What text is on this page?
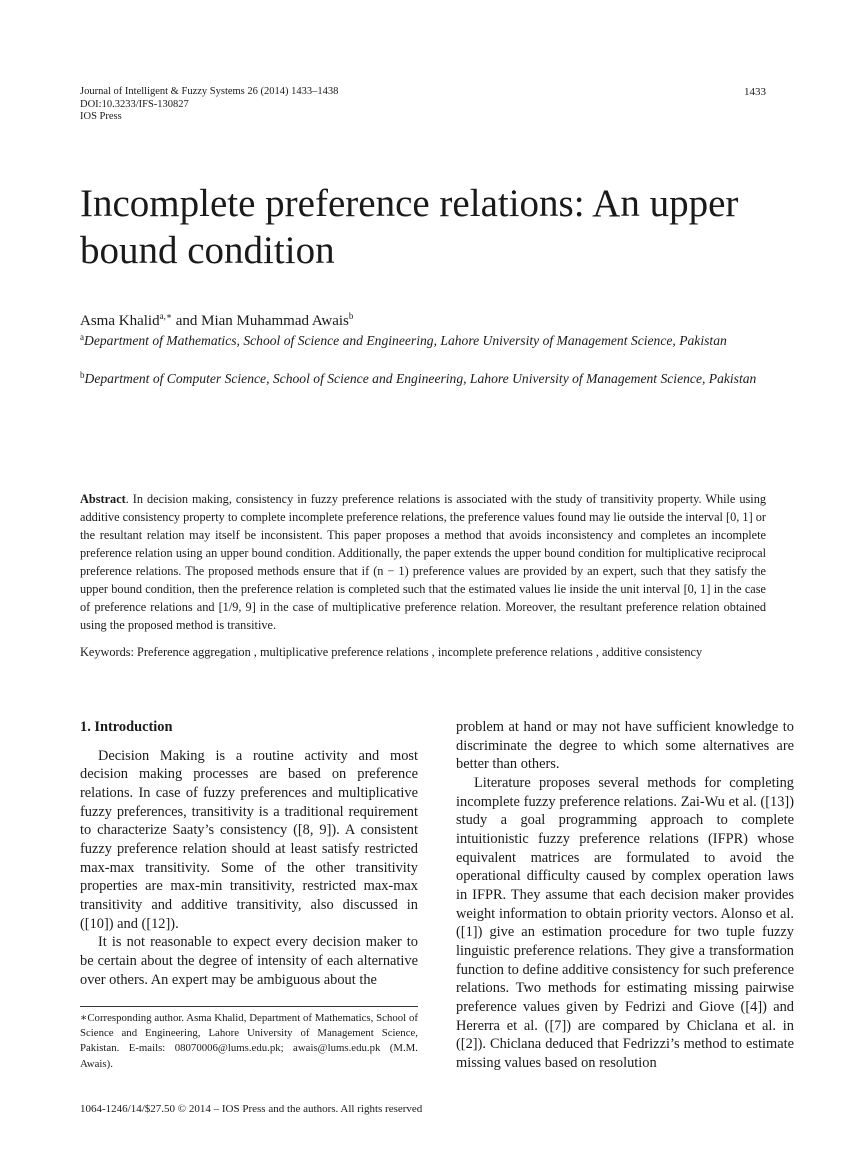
Journal of Intelligent & Fuzzy Systems 26 (2014) 1433–1438
DOI:10.3233/IFS-130827
IOS Press
1433
Incomplete preference relations: An upper bound condition
Asma Khalid$^{a,∗}$ and Mian Muhammad Awais$^b$
$^a$Department of Mathematics, School of Science and Engineering, Lahore University of Management Science, Pakistan
$^b$Department of Computer Science, School of Science and Engineering, Lahore University of Management Science, Pakistan
Abstract. In decision making, consistency in fuzzy preference relations is associated with the study of transitivity property. While using additive consistency property to complete incomplete preference relations, the preference values found may lie outside the interval [0, 1] or the resultant relation may itself be inconsistent. This paper proposes a method that avoids inconsistency and completes an incomplete preference relation using an upper bound condition. Additionally, the paper extends the upper bound condition for multiplicative reciprocal preference relations. The proposed methods ensure that if (n − 1) preference values are provided by an expert, such that they satisfy the upper bound condition, then the preference relation is completed such that the estimated values lie inside the unit interval [0, 1] in the case of preference relations and [1/9, 9] in the case of multiplicative preference relation. Moreover, the resultant preference relation obtained using the proposed method is transitive.
Keywords: Preference aggregation , multiplicative preference relations , incomplete preference relations , additive consistency
1. Introduction

Decision Making is a routine activity and most decision making processes are based on preference relations. In case of fuzzy preferences and multiplicative fuzzy preferences, transitivity is a traditional requirement to characterize Saaty’s consistency ([8, 9]). A consistent fuzzy preference relation should at least satisfy restricted max-max transitivity. Some of the other transitivity properties are max-min transitivity, restricted max-max transitivity and additive transitivity, also discussed in ([10]) and ([12]).

It is not reasonable to expect every decision maker to be certain about the degree of intensity of each alternative over others. An expert may be ambiguous about the

problem at hand or may not have sufficient knowledge to discriminate the degree to which some alternatives are better than others.

Literature proposes several methods for completing incomplete fuzzy preference relations. Zai-Wu et al. ([13]) study a goal programming approach to complete intuitionistic fuzzy preference relations (IFPR) whose equivalent matrices are formulated to avoid the operational difficulty caused by complex operation laws in IFPR. They assume that each decision maker provides weight information to obtain priority vectors. Alonso et al. ([1]) give an estimation procedure for two tuple fuzzy linguistic preference relations. They give a transformation function to define additive consistency for such preference relations. Two methods for estimating missing pairwise preference values given by Fedrizi and Giove ([4]) and Hererra et al. ([7]) are compared by Chiclana et al. in ([2]). Chiclana deduced that Fedrizzi’s method to estimate missing values based on resolution

∗Corresponding author. Asma Khalid, Department of Mathematics, School of Science and Engineering, Lahore University of Management Science, Pakistan. E-mails: 08070006@lums.edu.pk; awais@lums.edu.pk (M.M. Awais).
1064-1246/14/$27.50 © 2014 – IOS Press and the authors. All rights reserved
